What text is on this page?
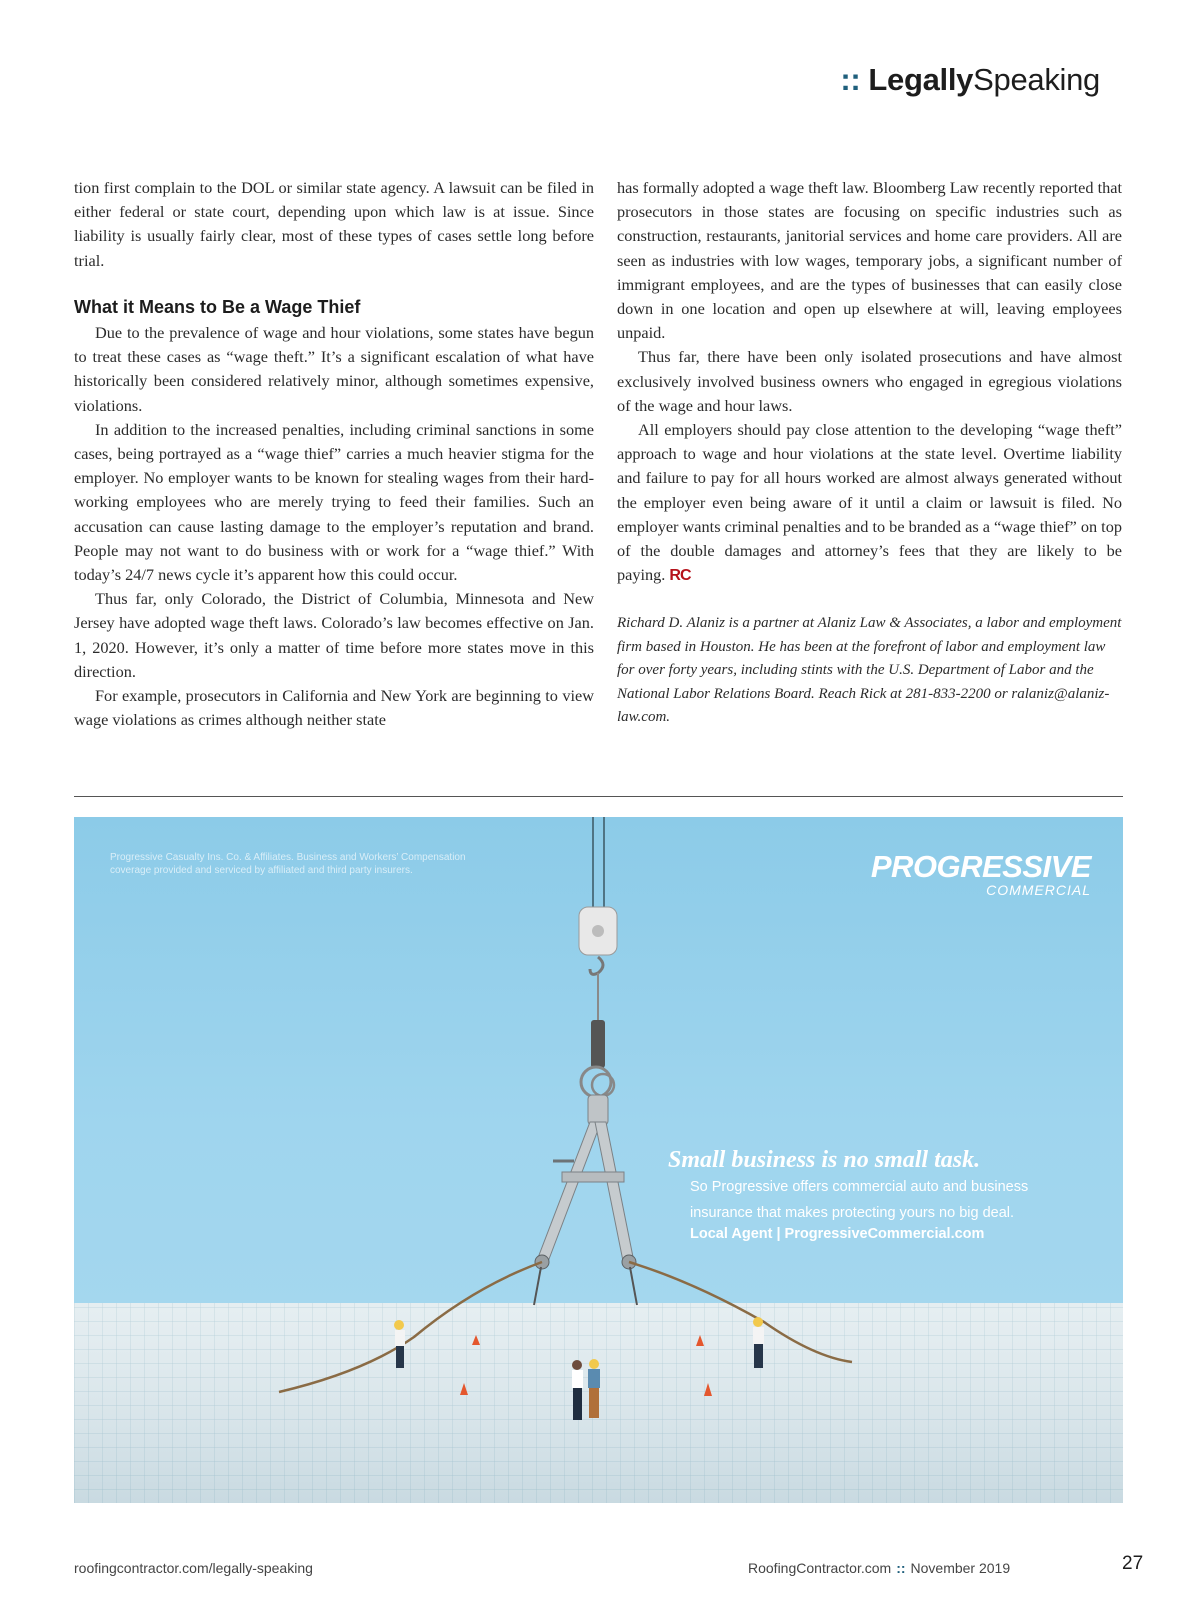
:: LegallySpeaking

tion first complain to the DOL or similar state agency. A lawsuit can be filed in either federal or state court, depending upon which law is at issue. Since liability is usually fairly clear, most of these types of cases settle long before trial.

What it Means to Be a Wage Thief

Due to the prevalence of wage and hour violations, some states have begun to treat these cases as “wage theft.” It’s a significant escalation of what have historically been considered relatively minor, although sometimes expensive, violations.

In addition to the increased penalties, including criminal sanctions in some cases, being portrayed as a “wage thief” carries a much heavier stigma for the employer. No employer wants to be known for stealing wages from their hard-working employees who are merely trying to feed their families. Such an accusation can cause lasting damage to the employer’s reputation and brand. People may not want to do business with or work for a “wage thief.” With today’s 24/7 news cycle it’s apparent how this could occur.

Thus far, only Colorado, the District of Columbia, Minnesota and New Jersey have adopted wage theft laws. Colorado’s law becomes effective on Jan. 1, 2020. However, it’s only a matter of time before more states move in this direction.

For example, prosecutors in California and New York are beginning to view wage violations as crimes although neither state

has formally adopted a wage theft law. Bloomberg Law recently reported that prosecutors in those states are focusing on specific industries such as construction, restaurants, janitorial services and home care providers. All are seen as industries with low wages, temporary jobs, a significant number of immigrant employees, and are the types of businesses that can easily close down in one location and open up elsewhere at will, leaving employees unpaid.

Thus far, there have been only isolated prosecutions and have almost exclusively involved business owners who engaged in egregious violations of the wage and hour laws.

All employers should pay close attention to the developing “wage theft” approach to wage and hour violations at the state level. Overtime liability and failure to pay for all hours worked are almost always generated without the employer even being aware of it until a claim or lawsuit is filed. No employer wants criminal penalties and to be branded as a “wage thief” on top of the double damages and attorney’s fees that they are likely to be paying. RC

Richard D. Alaniz is a partner at Alaniz Law & Associates, a labor and employment firm based in Houston. He has been at the forefront of labor and employment law for over forty years, including stints with the U.S. Department of Labor and the National Labor Relations Board. Reach Rick at 281-833-2200 or ralaniz@alaniz-law.com.

Progressive Casualty Ins. Co. & Affiliates. Business and Workers’ Compensation coverage provided and serviced by affiliated and third party insurers.	PROGRESSIVE
COMMERCIAL
Small business is no small task.
So Progressive offers commercial auto and business insurance that makes protecting yours no big deal.
Local Agent | ProgressiveCommercial.com
roofingcontractor.com/legally-speaking	RoofingContractor.com :: November 2019	27
